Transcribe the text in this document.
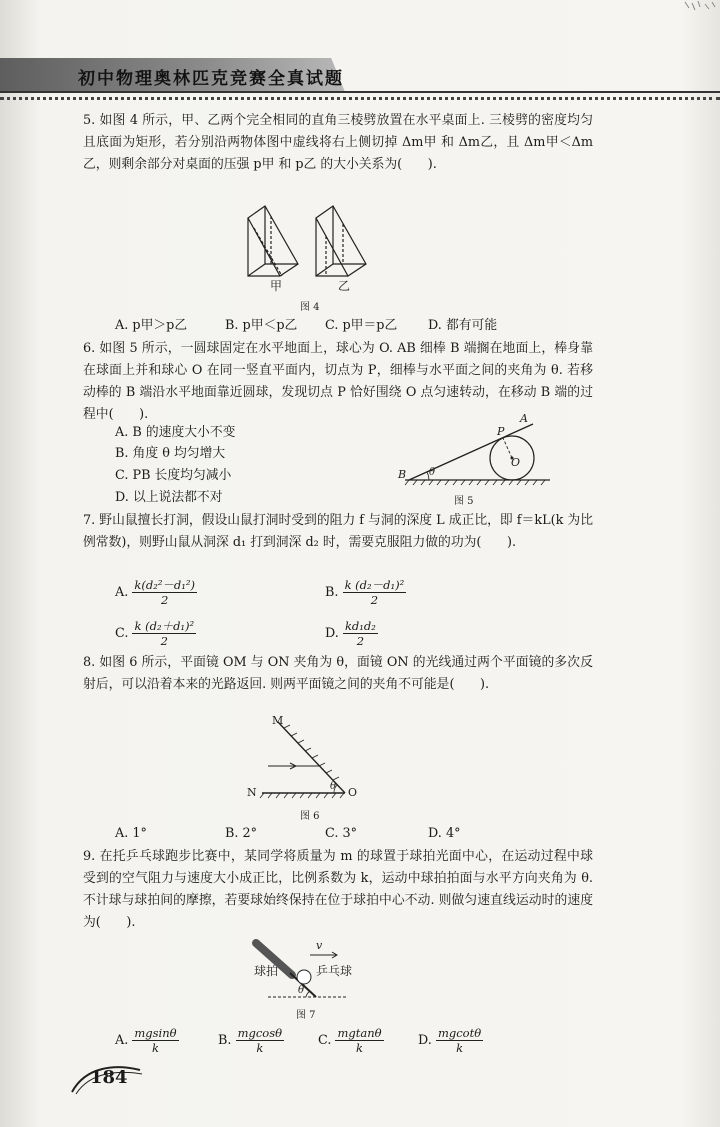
初中物理奥林匹克竞赛全真试题
5. 如图 4 所示，甲、乙两个完全相同的直角三棱劈放置在水平桌面上. 三棱劈的密度均匀且底面为矩形，若分别沿两物体图中虚线将右上侧切掉 Δm甲 和 Δm乙，且 Δm甲＜Δm乙，则剩余部分对桌面的压强 p甲 和 p乙 的大小关系为(　　).
甲	乙
图 4
A. p甲＞p乙	B. p甲＜p乙 C. p甲＝p乙 D. 都有可能
6. 如图 5 所示，一圆球固定在水平地面上，球心为 O. AB 细棒 B 端搁在地面上，棒身靠在球面上并和球心 O 在同一竖直平面内，切点为 P，细棒与水平面之间的夹角为 θ. 若移动棒的 B 端沿水平地面靠近圆球，发现切点 P 恰好围绕 O 点匀速转动，在移动 B 端的过程中(　　).
A. B 的速度大小不变
B. 角度 θ 均匀增大
C. PB 长度均匀减小
D. 以上说法都不对
A
P
O
B θ
图 5
7. 野山鼠擅长打洞，假设山鼠打洞时受到的阻力 f 与洞的深度 L 成正比，即 f＝kL(k 为比例常数)，则野山鼠从洞深 d₁ 打到洞深 d₂ 时，需要克服阻力做的功为(　　).
A. $\frac{\text{k(d₂²－d₁²)}}{2}$	B. $\frac{\text{k (d₂－d₁)²}}{2}$
C. $\frac{\text{k (d₂＋d₁)²}}{2}$	D. $\frac{\text{kd₁d₂}}{2}$
8. 如图 6 所示，平面镜 OM 与 ON 夹角为 θ，面镜 ON 的光线通过两个平面镜的多次反射后，可以沿着本来的光路返回. 则两平面镜之间的夹角不可能是(　　).
M
N	O
θ
图 6
A. 1°	B. 2°	C. 3°	D. 4°
9. 在托乒乓球跑步比赛中，某同学将质量为 m 的球置于球拍光面中心，在运动过程中球受到的空气阻力与速度大小成正比，比例系数为 k，运动中球拍拍面与水平方向夹角为 θ. 不计球与球拍间的摩擦，若要球始终保持在位于球拍中心不动. 则做匀速直线运动时的速度为(　　).
v
球拍	乒乓球
θ
图 7
A. $\frac{mgsin\theta}{k}$	B. $\frac{mgcos\theta}{k}$	C. $\frac{mgtan\theta}{k}$	D. $\frac{mgcot\theta}{k}$
184
